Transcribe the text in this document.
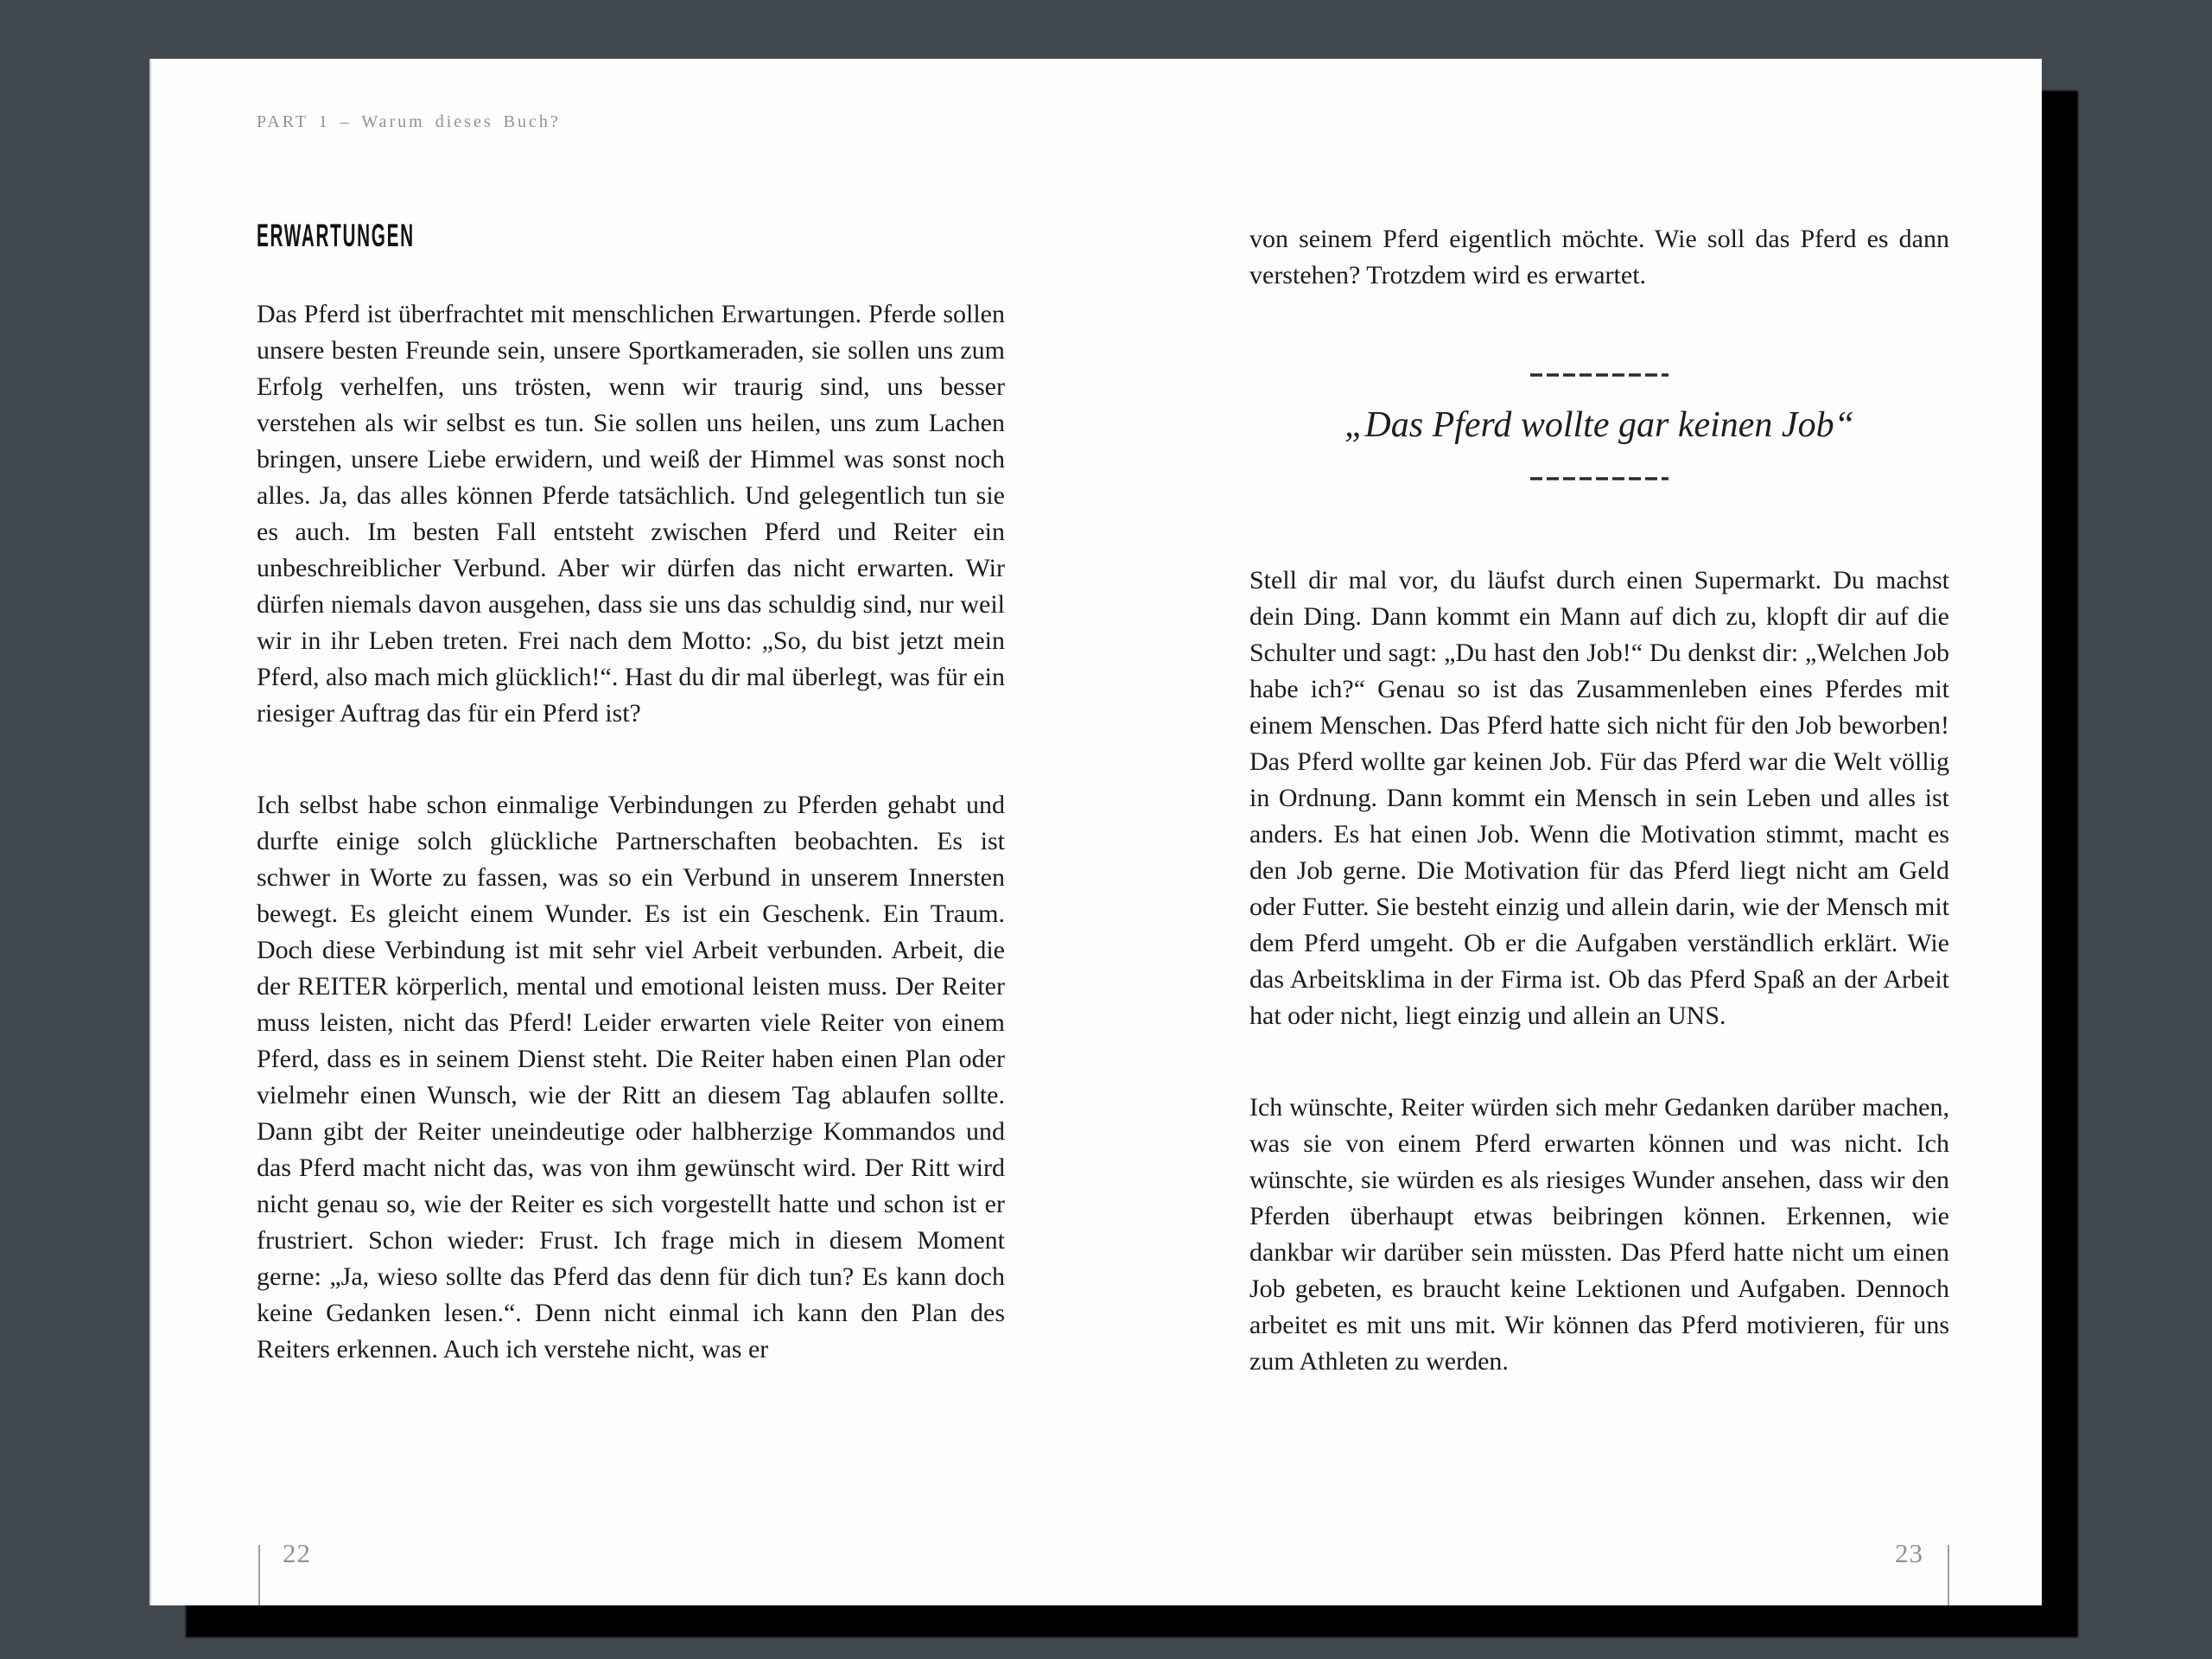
PART 1 – Warum dieses Buch?
ERWARTUNGEN

Das Pferd ist überfrachtet mit menschlichen Erwartungen. Pferde sollen unsere besten Freunde sein, unsere Sportkameraden, sie sollen uns zum Erfolg verhelfen, uns trösten, wenn wir traurig sind, uns besser verstehen als wir selbst es tun. Sie sollen uns heilen, uns zum Lachen bringen, unsere Liebe erwidern, und weiß der Himmel was sonst noch alles. Ja, das alles können Pferde tatsächlich. Und gelegentlich tun sie es auch. Im besten Fall entsteht zwischen Pferd und Reiter ein unbeschreiblicher Verbund. Aber wir dürfen das nicht erwarten. Wir dürfen niemals davon ausgehen, dass sie uns das schuldig sind, nur weil wir in ihr Leben treten. Frei nach dem Motto: „So, du bist jetzt mein Pferd, also mach mich glücklich!“. Hast du dir mal überlegt, was für ein riesiger Auftrag das für ein Pferd ist?

Ich selbst habe schon einmalige Verbindungen zu Pferden gehabt und durfte einige solch glückliche Partnerschaften beobachten. Es ist schwer in Worte zu fassen, was so ein Verbund in unserem Innersten bewegt. Es gleicht einem Wunder. Es ist ein Geschenk. Ein Traum. Doch diese Verbindung ist mit sehr viel Arbeit verbunden. Arbeit, die der REITER körperlich, mental und emotional leisten muss. Der Reiter muss leisten, nicht das Pferd! Leider erwarten viele Reiter von einem Pferd, dass es in seinem Dienst steht. Die Reiter haben einen Plan oder vielmehr einen Wunsch, wie der Ritt an diesem Tag ablaufen sollte. Dann gibt der Reiter uneindeutige oder halbherzige Kommandos und das Pferd macht nicht das, was von ihm gewünscht wird. Der Ritt wird nicht genau so, wie der Reiter es sich vorgestellt hatte und schon ist er frustriert. Schon wieder: Frust. Ich frage mich in diesem Moment gerne: „Ja, wieso sollte das Pferd das denn für dich tun? Es kann doch keine Gedanken lesen.“. Denn nicht einmal ich kann den Plan des Reiters erkennen. Auch ich verstehe nicht, was er

22

von seinem Pferd eigentlich möchte. Wie soll das Pferd es dann verstehen? Trotzdem wird es erwartet.

„Das Pferd wollte gar keinen Job“

Stell dir mal vor, du läufst durch einen Supermarkt. Du machst dein Ding. Dann kommt ein Mann auf dich zu, klopft dir auf die Schulter und sagt: „Du hast den Job!“ Du denkst dir: „Welchen Job habe ich?“ Genau so ist das Zusammenleben eines Pferdes mit einem Menschen. Das Pferd hatte sich nicht für den Job beworben! Das Pferd wollte gar keinen Job. Für das Pferd war die Welt völlig in Ordnung. Dann kommt ein Mensch in sein Leben und alles ist anders. Es hat einen Job. Wenn die Motivation stimmt, macht es den Job gerne. Die Motivation für das Pferd liegt nicht am Geld oder Futter. Sie besteht einzig und allein darin, wie der Mensch mit dem Pferd umgeht. Ob er die Aufgaben verständlich erklärt. Wie das Arbeitsklima in der Firma ist. Ob das Pferd Spaß an der Arbeit hat oder nicht, liegt einzig und allein an UNS.

Ich wünschte, Reiter würden sich mehr Gedanken darüber machen, was sie von einem Pferd erwarten können und was nicht. Ich wünschte, sie würden es als riesiges Wunder ansehen, dass wir den Pferden überhaupt etwas beibringen können. Erkennen, wie dankbar wir darüber sein müssten. Das Pferd hatte nicht um einen Job gebeten, es braucht keine Lektionen und Aufgaben. Dennoch arbeitet es mit uns mit. Wir können das Pferd motivieren, für uns zum Athleten zu werden.

23
